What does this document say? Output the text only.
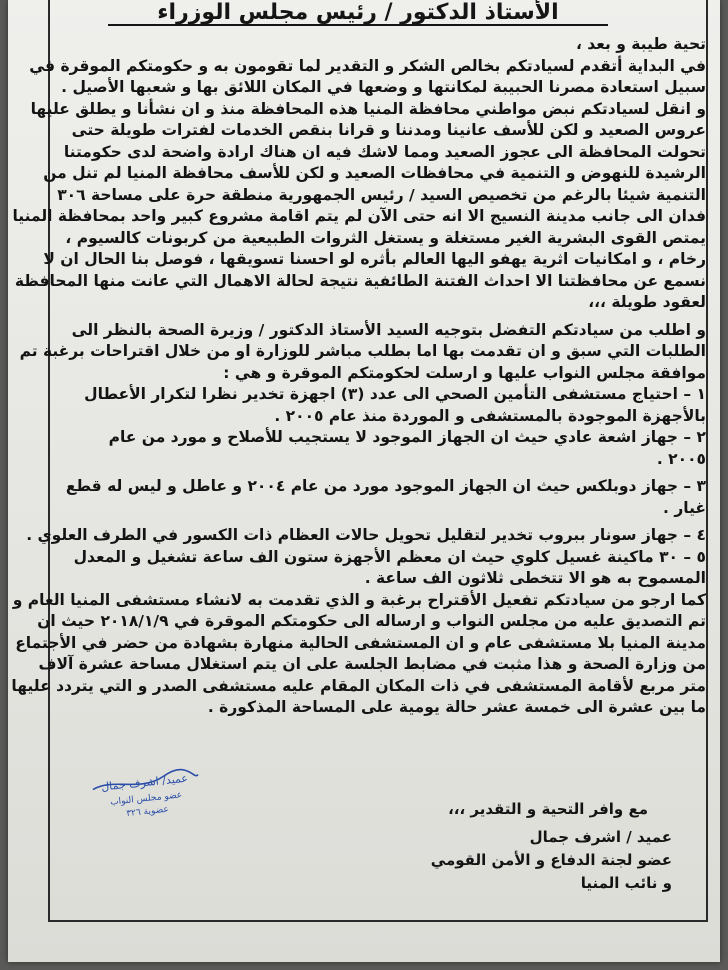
الأستاذ الدكتور / رئيس مجلس الوزراء
تحية طيبة و بعد ،
في البداية أتقدم لسيادتكم بخالص الشكر و التقدير لما تقومون به و حكومتكم الموقرة في
سبيل استعادة مصرنا الحبيبة لمكانتها و وضعها في المكان اللائق بها و شعبها الأصيل .
و انقل لسيادتكم نبض مواطني محافظة المنيا هذه المحافظة منذ و ان نشأنا و يطلق عليها
عروس الصعيد و لكن للأسف عانينا ومدننا و قرانا بنقص الخدمات لفترات طويلة حتى
تحولت المحافظة الى عجوز الصعيد ومما لاشك فيه ان هناك ارادة واضحة لدى حكومتنا
الرشيدة للنهوض و التنمية في محافظات الصعيد و لكن للأسف محافظة المنيا لم تنل من
التنمية شيئا بالرغم من تخصيص السيد / رئيس الجمهورية منطقة حرة على مساحة ٣٠٦
فدان الى جانب مدينة النسيج الا انه حتى الآن لم يتم اقامة مشروع كبير واحد بمحافظة المنيا
يمتص القوى البشرية الغير مستغلة و يستغل الثروات الطبيعية من كربونات كالسيوم ،
رخام ، و امكانيات اثرية يهفو اليها العالم بأثره لو احسنا تسويقها ، فوصل بنا الحال ان لا
نسمع عن محافظتنا الا احداث الفتنة الطائفية نتيجة لحالة الاهمال التي عانت منها المحافظة
لعقود طويلة ،،،
و اطلب من سيادتكم التفضل بتوجيه السيد الأستاذ الدكتور / وزيرة الصحة بالنظر الى
الطلبات التي سبق و ان تقدمت بها اما بطلب مباشر للوزارة او من خلال اقتراحات برغبة تم
موافقة مجلس النواب عليها و ارسلت لحكومتكم الموقرة و هي :
١ – احتياج مستشفى التأمين الصحي الى عدد (٣) اجهزة تخدير نظرا لتكرار الأعطال
بالأجهزة الموجودة بالمستشفى و الموردة منذ عام ٢٠٠٥ .
٢ – جهاز اشعة عادي حيث ان الجهاز الموجود لا يستجيب للأصلاح و مورد من عام
٢٠٠٥ .
٣ – جهاز دوبلكس حيث ان الجهاز الموجود مورد من عام ٢٠٠٤ و عاطل و ليس له قطع
غيار .
٤ – جهاز سونار ببروب تخدير لتقليل تحويل حالات العظام ذات الكسور في الطرف العلوي .
٥ – ٣٠ ماكينة غسيل كلوي حيث ان معظم الأجهزة ستون الف ساعة تشغيل و المعدل
المسموح به هو الا تتخطى ثلاثون الف ساعة .
كما ارجو من سيادتكم تفعيل الأقتراح برغبة و الذي تقدمت به لانشاء مستشفى المنيا العام و
تم التصديق عليه من مجلس النواب و ارساله الى حكومتكم الموقرة في ٢٠١٨/١/٩ حيث ان
مدينة المنيا بلا مستشفى عام و ان المستشفى الحالية منهارة بشهادة من حضر في الأجتماع
من وزارة الصحة و هذا مثبت في مضابط الجلسة على ان يتم استغلال مساحة عشرة آلاف
متر مربع لأقامة المستشفى في ذات المكان المقام عليه مستشفى الصدر و التي يتردد عليها
ما بين عشرة الى خمسة عشر حالة يومية على المساحة المذكورة .
عميد/ اشرف جمال
عضو مجلس النواب
عضوية ٣٢٦	مع وافر التحية و التقدير ،،،
عميد / اشرف جمال
عضو لجنة الدفاع و الأمن القومي
و نائب المنيا
